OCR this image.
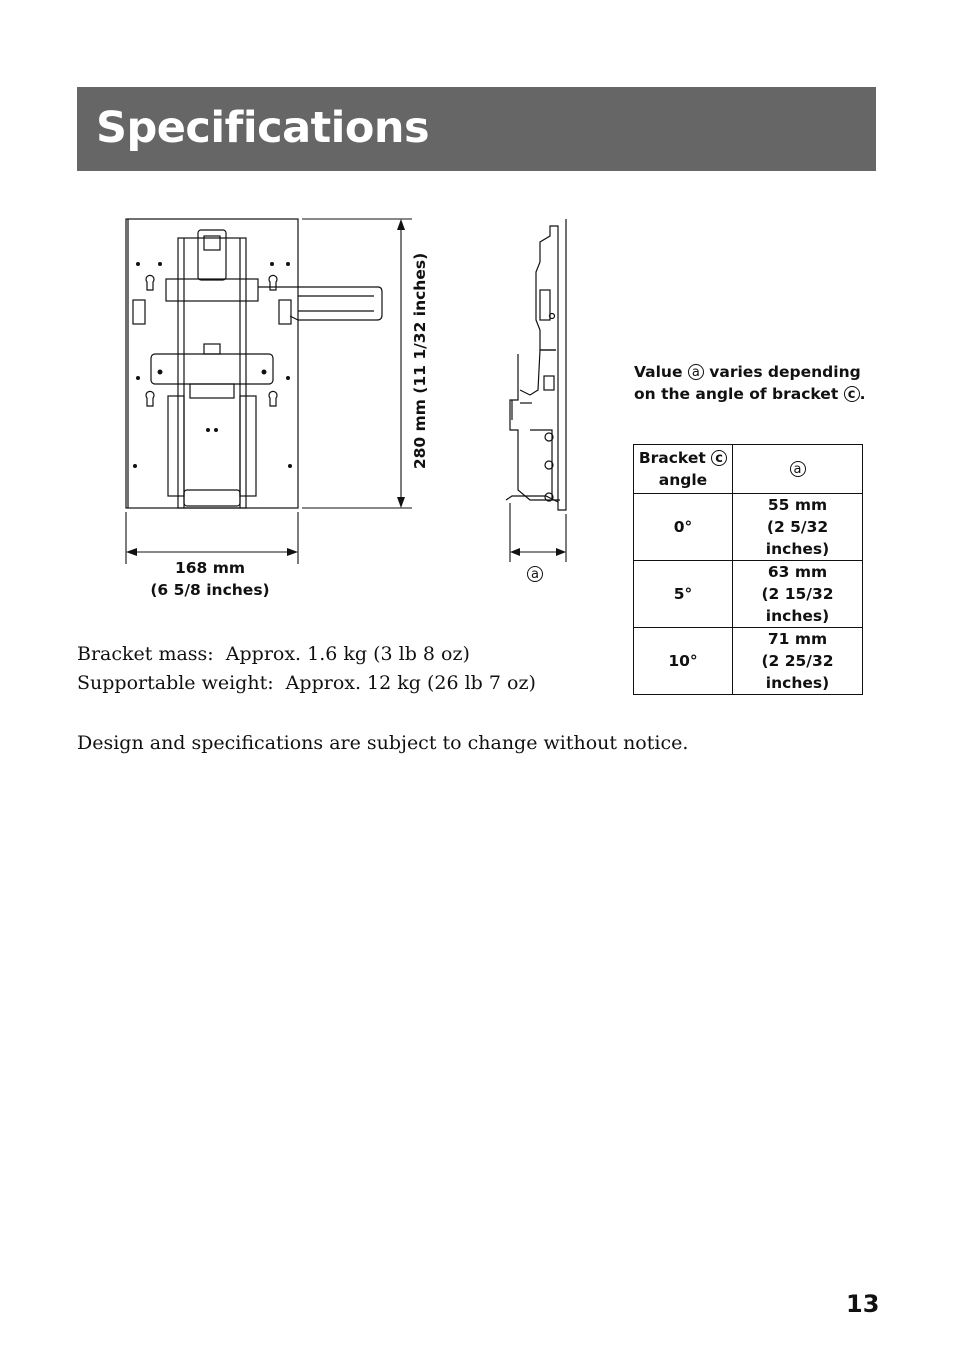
Specifications
168 mm
(6 5/8 inches)
280 mm (11 1/32 inches)
a
Value a varies depending on the angle of bracket c .
Bracket c
angle	a
0°	55 mm
(2 5/32 inches)
5°	63 mm
(2 15/32 inches)
10°	71 mm
(2 25/32 inches)
Bracket mass:  Approx. 1.6 kg (3 lb 8 oz)
Supportable weight:  Approx. 12 kg (26 lb 7 oz)
Design and specifications are subject to change without notice.
13
